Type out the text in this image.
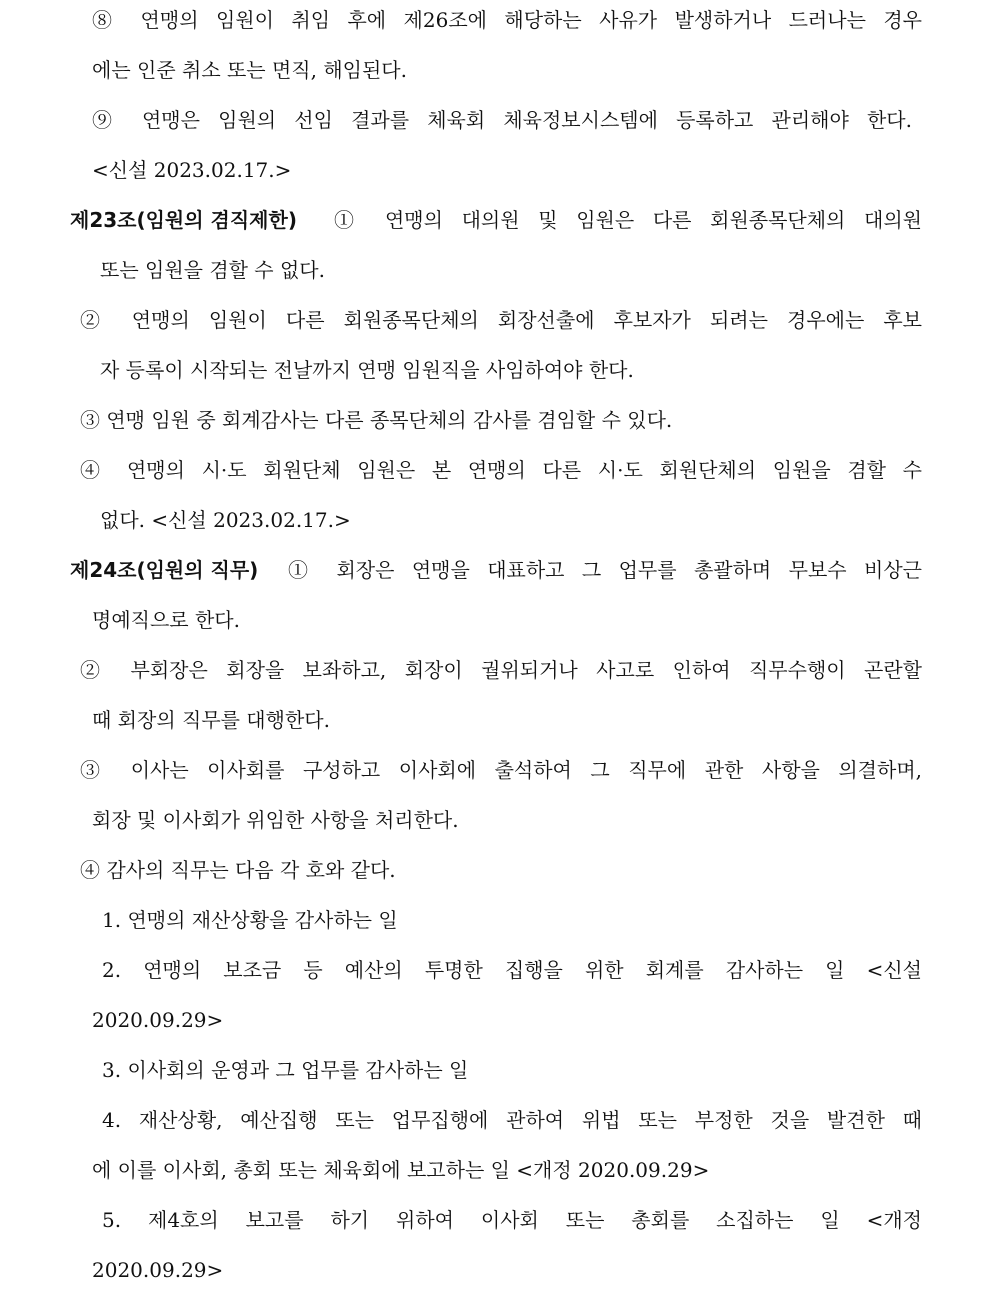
⑧ 연맹의 임원이 취임 후에 제26조에 해당하는 사유가 발생하거나 드러나는 경우
에는 인준 취소 또는 면직, 해임된다.
⑨ 연맹은 임원의 선임 결과를 체육회 체육정보시스템에 등록하고 관리해야 한다.
<신설 2023.02.17.>
제23조(임원의 겸직제한)	① 연맹의 대의원 및 임원은 다른 회원종목단체의 대의원
또는 임원을 겸할 수 없다.
② 연맹의 임원이 다른 회원종목단체의 회장선출에 후보자가 되려는 경우에는 후보
자 등록이 시작되는 전날까지 연맹 임원직을 사임하여야 한다.
③ 연맹 임원 중 회계감사는 다른 종목단체의 감사를 겸임할 수 있다.
④ 연맹의 시·도 회원단체 임원은 본 연맹의 다른 시·도 회원단체의 임원을 겸할 수
없다. <신설 2023.02.17.>
제24조(임원의 직무)	① 회장은 연맹을 대표하고 그 업무를 총괄하며 무보수 비상근
명예직으로 한다.
② 부회장은 회장을 보좌하고, 회장이 궐위되거나 사고로 인하여 직무수행이 곤란할
때 회장의 직무를 대행한다.
③ 이사는 이사회를 구성하고 이사회에 출석하여 그 직무에 관한 사항을 의결하며,
회장 및 이사회가 위임한 사항을 처리한다.
④ 감사의 직무는 다음 각 호와 같다.
1. 연맹의 재산상황을 감사하는 일
2. 연맹의 보조금 등 예산의 투명한 집행을 위한 회계를 감사하는 일 <신설
2020.09.29>
3. 이사회의 운영과 그 업무를 감사하는 일
4. 재산상황, 예산집행 또는 업무집행에 관하여 위법 또는 부정한 것을 발견한 때
에 이를 이사회, 총회 또는 체육회에 보고하는 일 <개정 2020.09.29>
5. 제4호의 보고를 하기 위하여 이사회 또는 총회를 소집하는 일 <개정
2020.09.29>
